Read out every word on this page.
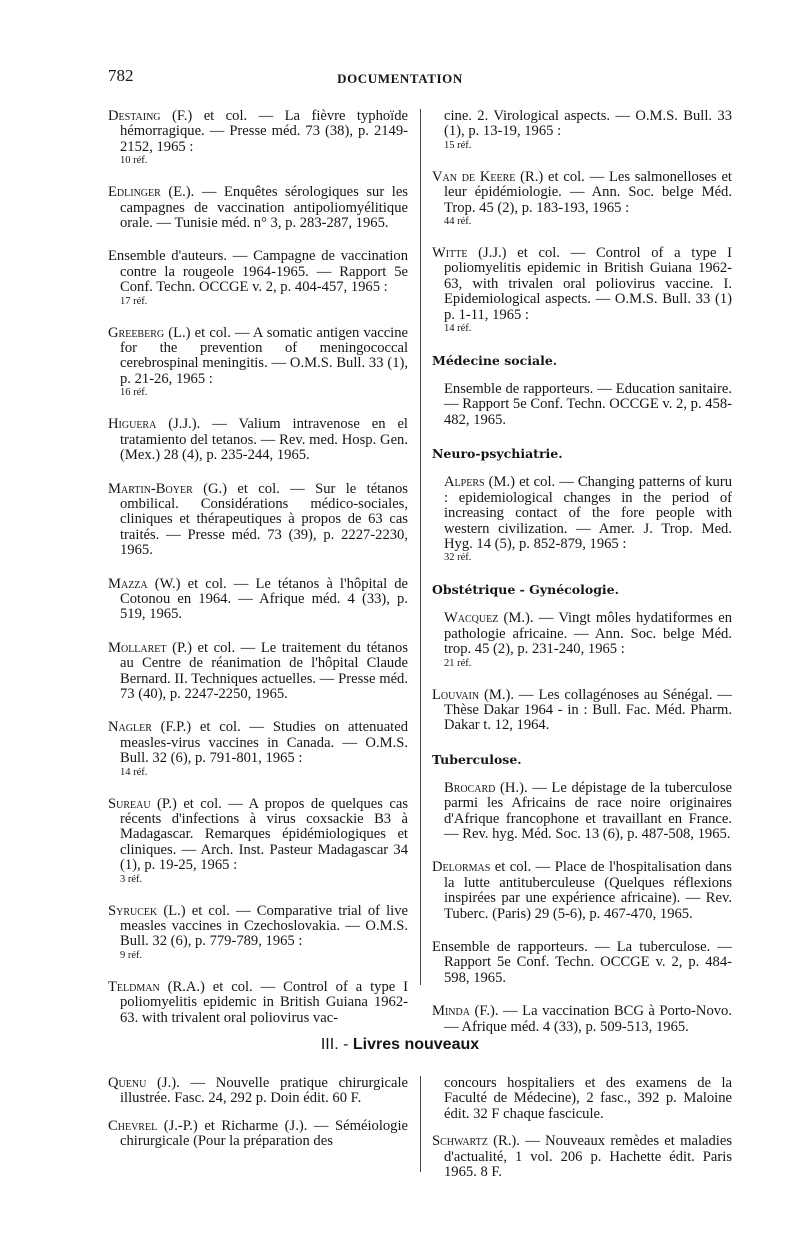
782	DOCUMENTATION
Destaing (F.) et col. — La fièvre typhoïde hémorragique. — Presse méd. 73 (38), p. 2149-2152, 1965 :
10 réf.
Edlinger (E.). — Enquêtes sérologiques sur les campagnes de vaccination antipoliomyélitique orale. — Tunisie méd. n° 3, p. 283-287, 1965.
Ensemble d'auteurs. — Campagne de vaccination contre la rougeole 1964-1965. — Rapport 5e Conf. Techn. OCCGE v. 2, p. 404-457, 1965 :
17 réf.
Greeberg (L.) et col. — A somatic antigen vaccine for the prevention of meningococcal cerebrospinal meningitis. — O.M.S. Bull. 33 (1), p. 21-26, 1965 :
16 réf.
Higuera (J.J.). — Valium intravenose en el tratamiento del tetanos. — Rev. med. Hosp. Gen. (Mex.) 28 (4), p. 235-244, 1965.
Martin-Boyer (G.) et col. — Sur le tétanos ombilical. Considérations médico-sociales, cliniques et thérapeutiques à propos de 63 cas traités. — Presse méd. 73 (39), p. 2227-2230, 1965.
Mazza (W.) et col. — Le tétanos à l'hôpital de Cotonou en 1964. — Afrique méd. 4 (33), p. 519, 1965.
Mollaret (P.) et col. — Le traitement du tétanos au Centre de réanimation de l'hôpital Claude Bernard. II. Techniques actuelles. — Presse méd. 73 (40), p. 2247-2250, 1965.
Nagler (F.P.) et col. — Studies on attenuated measles-virus vaccines in Canada. — O.M.S. Bull. 32 (6), p. 791-801, 1965 :
14 réf.
Sureau (P.) et col. — A propos de quelques cas récents d'infections à virus coxsackie B3 à Madagascar. Remarques épidémiologiques et cliniques. — Arch. Inst. Pasteur Madagascar 34 (1), p. 19-25, 1965 :
3 réf.
Syrucek (L.) et col. — Comparative trial of live measles vaccines in Czechoslovakia. — O.M.S. Bull. 32 (6), p. 779-789, 1965 :
9 réf.
Teldman (R.A.) et col. — Control of a type I poliomyelitis epidemic in British Guiana 1962-63. with trivalent oral poliovirus vac-
cine. 2. Virological aspects. — O.M.S. Bull. 33 (1), p. 13-19, 1965 :
15 réf.
Van de Keere (R.) et col. — Les salmonelloses et leur épidémiologie. — Ann. Soc. belge Méd. Trop. 45 (2), p. 183-193, 1965 :
44 réf.
Witte (J.J.) et col. — Control of a type I poliomyelitis epidemic in British Guiana 1962-63, with trivalen oral poliovirus vaccine. I. Epidemiological aspects. — O.M.S. Bull. 33 (1) p. 1-11, 1965 :
14 réf.
Médecine sociale.
Ensemble de rapporteurs. — Education sanitaire. — Rapport 5e Conf. Techn. OCCGE v. 2, p. 458-482, 1965.
Neuro-psychiatrie.
Alpers (M.) et col. — Changing patterns of kuru : epidemiological changes in the period of increasing contact of the fore people with western civilization. — Amer. J. Trop. Med. Hyg. 14 (5), p. 852-879, 1965 :
32 réf.
Obstétrique - Gynécologie.
Wacquez (M.). — Vingt môles hydatiformes en pathologie africaine. — Ann. Soc. belge Méd. trop. 45 (2), p. 231-240, 1965 :
21 réf.
Louvain (M.). — Les collagénoses au Sénégal. — Thèse Dakar 1964 - in : Bull. Fac. Méd. Pharm. Dakar t. 12, 1964.
Tuberculose.
Brocard (H.). — Le dépistage de la tuberculose parmi les Africains de race noire originaires d'Afrique francophone et travaillant en France. — Rev. hyg. Méd. Soc. 13 (6), p. 487-508, 1965.
Delormas et col. — Place de l'hospitalisation dans la lutte antituberculeuse (Quelques réflexions inspirées par une expérience africaine). — Rev. Tuberc. (Paris) 29 (5-6), p. 467-470, 1965.
Ensemble de rapporteurs. — La tuberculose. — Rapport 5e Conf. Techn. OCCGE v. 2, p. 484-598, 1965.
Minda (F.). — La vaccination BCG à Porto-Novo. — Afrique méd. 4 (33), p. 509-513, 1965.
III. - Livres nouveaux
Quenu (J.). — Nouvelle pratique chirurgicale illustrée. Fasc. 24, 292 p. Doin édit. 60 F.
Chevrel (J.-P.) et Richarme (J.). — Séméiologie chirurgicale (Pour la préparation des
concours hospitaliers et des examens de la Faculté de Médecine), 2 fasc., 392 p. Maloine édit. 32 F chaque fascicule.
Schwartz (R.). — Nouveaux remèdes et maladies d'actualité, 1 vol. 206 p. Hachette édit. Paris 1965. 8 F.
